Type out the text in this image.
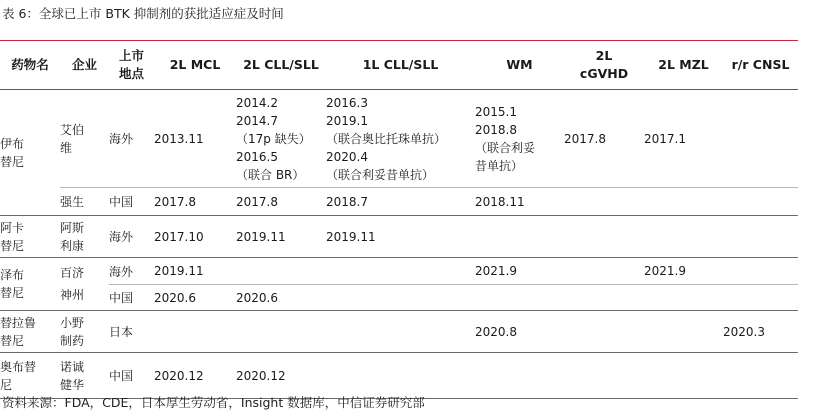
表 6：全球已上市 BTK 抑制剂的获批适应症及时间
药物名	企业	上市地点	2L MCL	2L CLL/SLL	1L CLL/SLL	WM	2L cGVHD	2L MZL	r/r CNSL
伊布替尼	艾伯维	海外	2013.11	2014.2
2014.7
（17p 缺失）
2016.5
（联合 BR）	2016.3
2019.1
（联合奥比托珠单抗）
2020.4
（联合利妥昔单抗）	2015.1
2018.8
（联合利妥
昔单抗）	2017.8	2017.1	
	强生	中国	2017.8	2017.8	2018.7	2018.11			
阿卡替尼	阿斯利康	海外	2017.10	2019.11	2019.11				
泽布替尼	百济神州	海外	2019.11			2021.9		2021.9	
		中国	2020.6	2020.6					
替拉鲁替尼	小野制药	日本				2020.8			2020.3
奥布替尼	诺诚健华	中国	2020.12	2020.12					
资料来源：FDA，CDE，日本厚生劳动省，Insight 数据库，中信证券研究部
